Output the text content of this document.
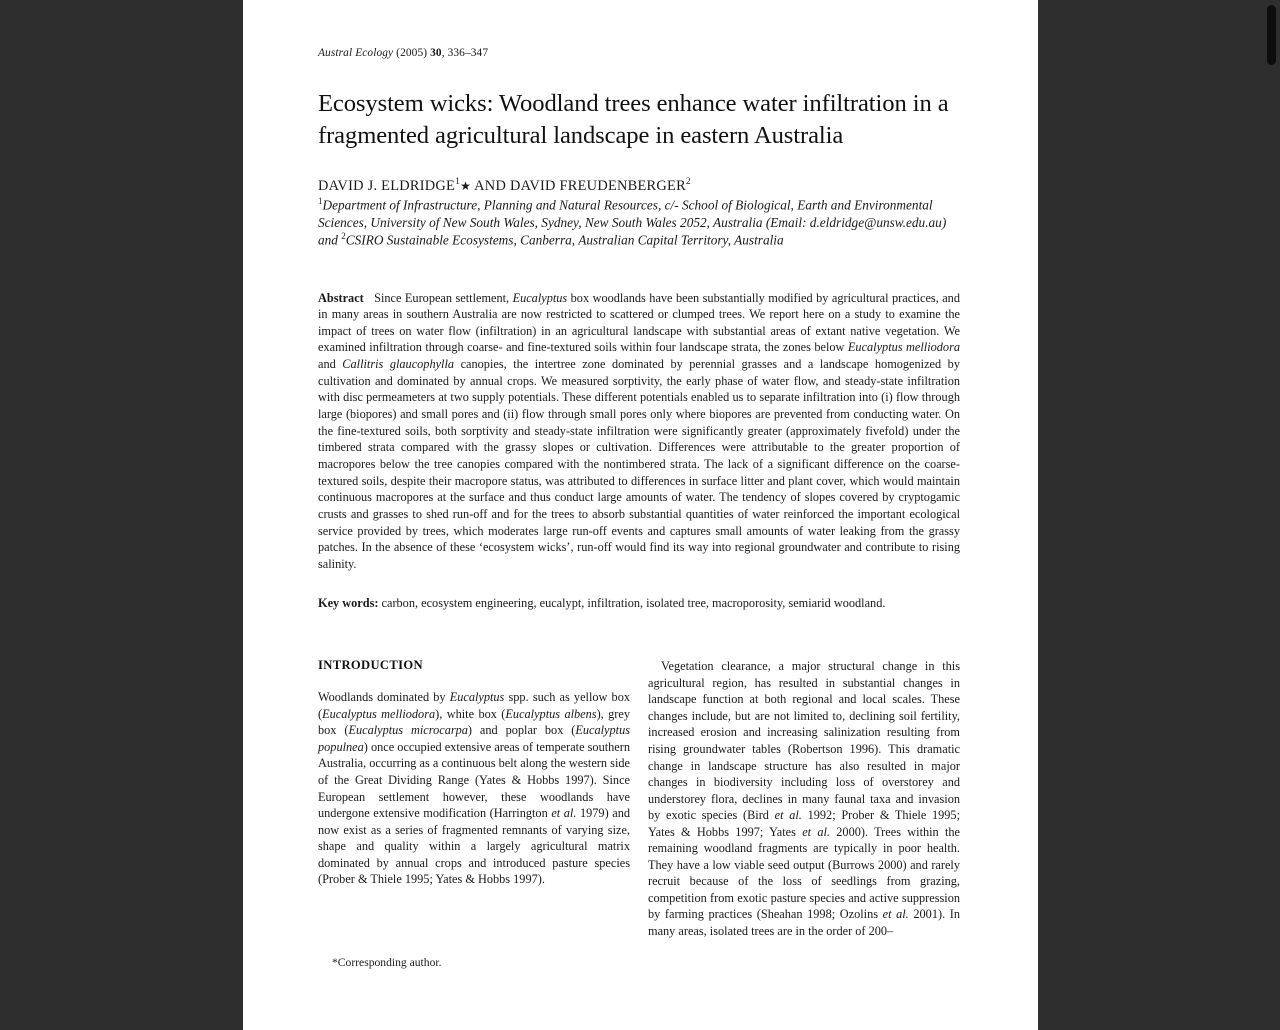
Austral Ecology (2005) 30, 336–347
Ecosystem wicks: Woodland trees enhance water infiltration in a fragmented agricultural landscape in eastern Australia
DAVID J. ELDRIDGE$^1$★ AND DAVID FREUDENBERGER$^2$
$^1$Department of Infrastructure, Planning and Natural Resources, c/- School of Biological, Earth and Environmental Sciences, University of New South Wales, Sydney, New South Wales 2052, Australia (Email: d.eldridge@unsw.edu.au) and $^2$CSIRO Sustainable Ecosystems, Canberra, Australian Capital Territory, Australia
Abstract Since European settlement, Eucalyptus box woodlands have been substantially modified by agricultural practices, and in many areas in southern Australia are now restricted to scattered or clumped trees. We report here on a study to examine the impact of trees on water flow (infiltration) in an agricultural landscape with substantial areas of extant native vegetation. We examined infiltration through coarse- and fine-textured soils within four landscape strata, the zones below Eucalyptus melliodora and Callitris glaucophylla canopies, the intertree zone dominated by perennial grasses and a landscape homogenized by cultivation and dominated by annual crops. We measured sorptivity, the early phase of water flow, and steady-state infiltration with disc permeameters at two supply potentials. These different potentials enabled us to separate infiltration into (i) flow through large (biopores) and small pores and (ii) flow through small pores only where biopores are prevented from conducting water. On the fine-textured soils, both sorptivity and steady-state infiltration were significantly greater (approximately fivefold) under the timbered strata compared with the grassy slopes or cultivation. Differences were attributable to the greater proportion of macropores below the tree canopies compared with the nontimbered strata. The lack of a significant difference on the coarse-textured soils, despite their macropore status, was attributed to differences in surface litter and plant cover, which would maintain continuous macropores at the surface and thus conduct large amounts of water. The tendency of slopes covered by cryptogamic crusts and grasses to shed run-off and for the trees to absorb substantial quantities of water reinforced the important ecological service provided by trees, which moderates large run-off events and captures small amounts of water leaking from the grassy patches. In the absence of these ‘ecosystem wicks’, run-off would find its way into regional groundwater and contribute to rising salinity.
Key words: carbon, ecosystem engineering, eucalypt, infiltration, isolated tree, macroporosity, semiarid woodland.
INTRODUCTION

Woodlands dominated by Eucalyptus spp. such as yellow box (Eucalyptus melliodora), white box (Eucalyptus albens), grey box (Eucalyptus microcarpa) and poplar box (Eucalyptus populnea) once occupied extensive areas of temperate southern Australia, occurring as a continuous belt along the western side of the Great Dividing Range (Yates & Hobbs 1997). Since European settlement however, these woodlands have undergone extensive modification (Harrington et al. 1979) and now exist as a series of fragmented remnants of varying size, shape and quality within a largely agricultural matrix dominated by annual crops and introduced pasture species (Prober & Thiele 1995; Yates & Hobbs 1997).

*Corresponding author.

Vegetation clearance, a major structural change in this agricultural region, has resulted in substantial changes in landscape function at both regional and local scales. These changes include, but are not limited to, declining soil fertility, increased erosion and increasing salinization resulting from rising groundwater tables (Robertson 1996). This dramatic change in landscape structure has also resulted in major changes in biodiversity including loss of overstorey and understorey flora, declines in many faunal taxa and invasion by exotic species (Bird et al. 1992; Prober & Thiele 1995; Yates & Hobbs 1997; Yates et al. 2000). Trees within the remaining woodland fragments are typically in poor health. They have a low viable seed output (Burrows 2000) and rarely recruit because of the loss of seedlings from grazing, competition from exotic pasture species and active suppression by farming practices (Sheahan 1998; Ozolins et al. 2001). In many areas, isolated trees are in the order of 200–
